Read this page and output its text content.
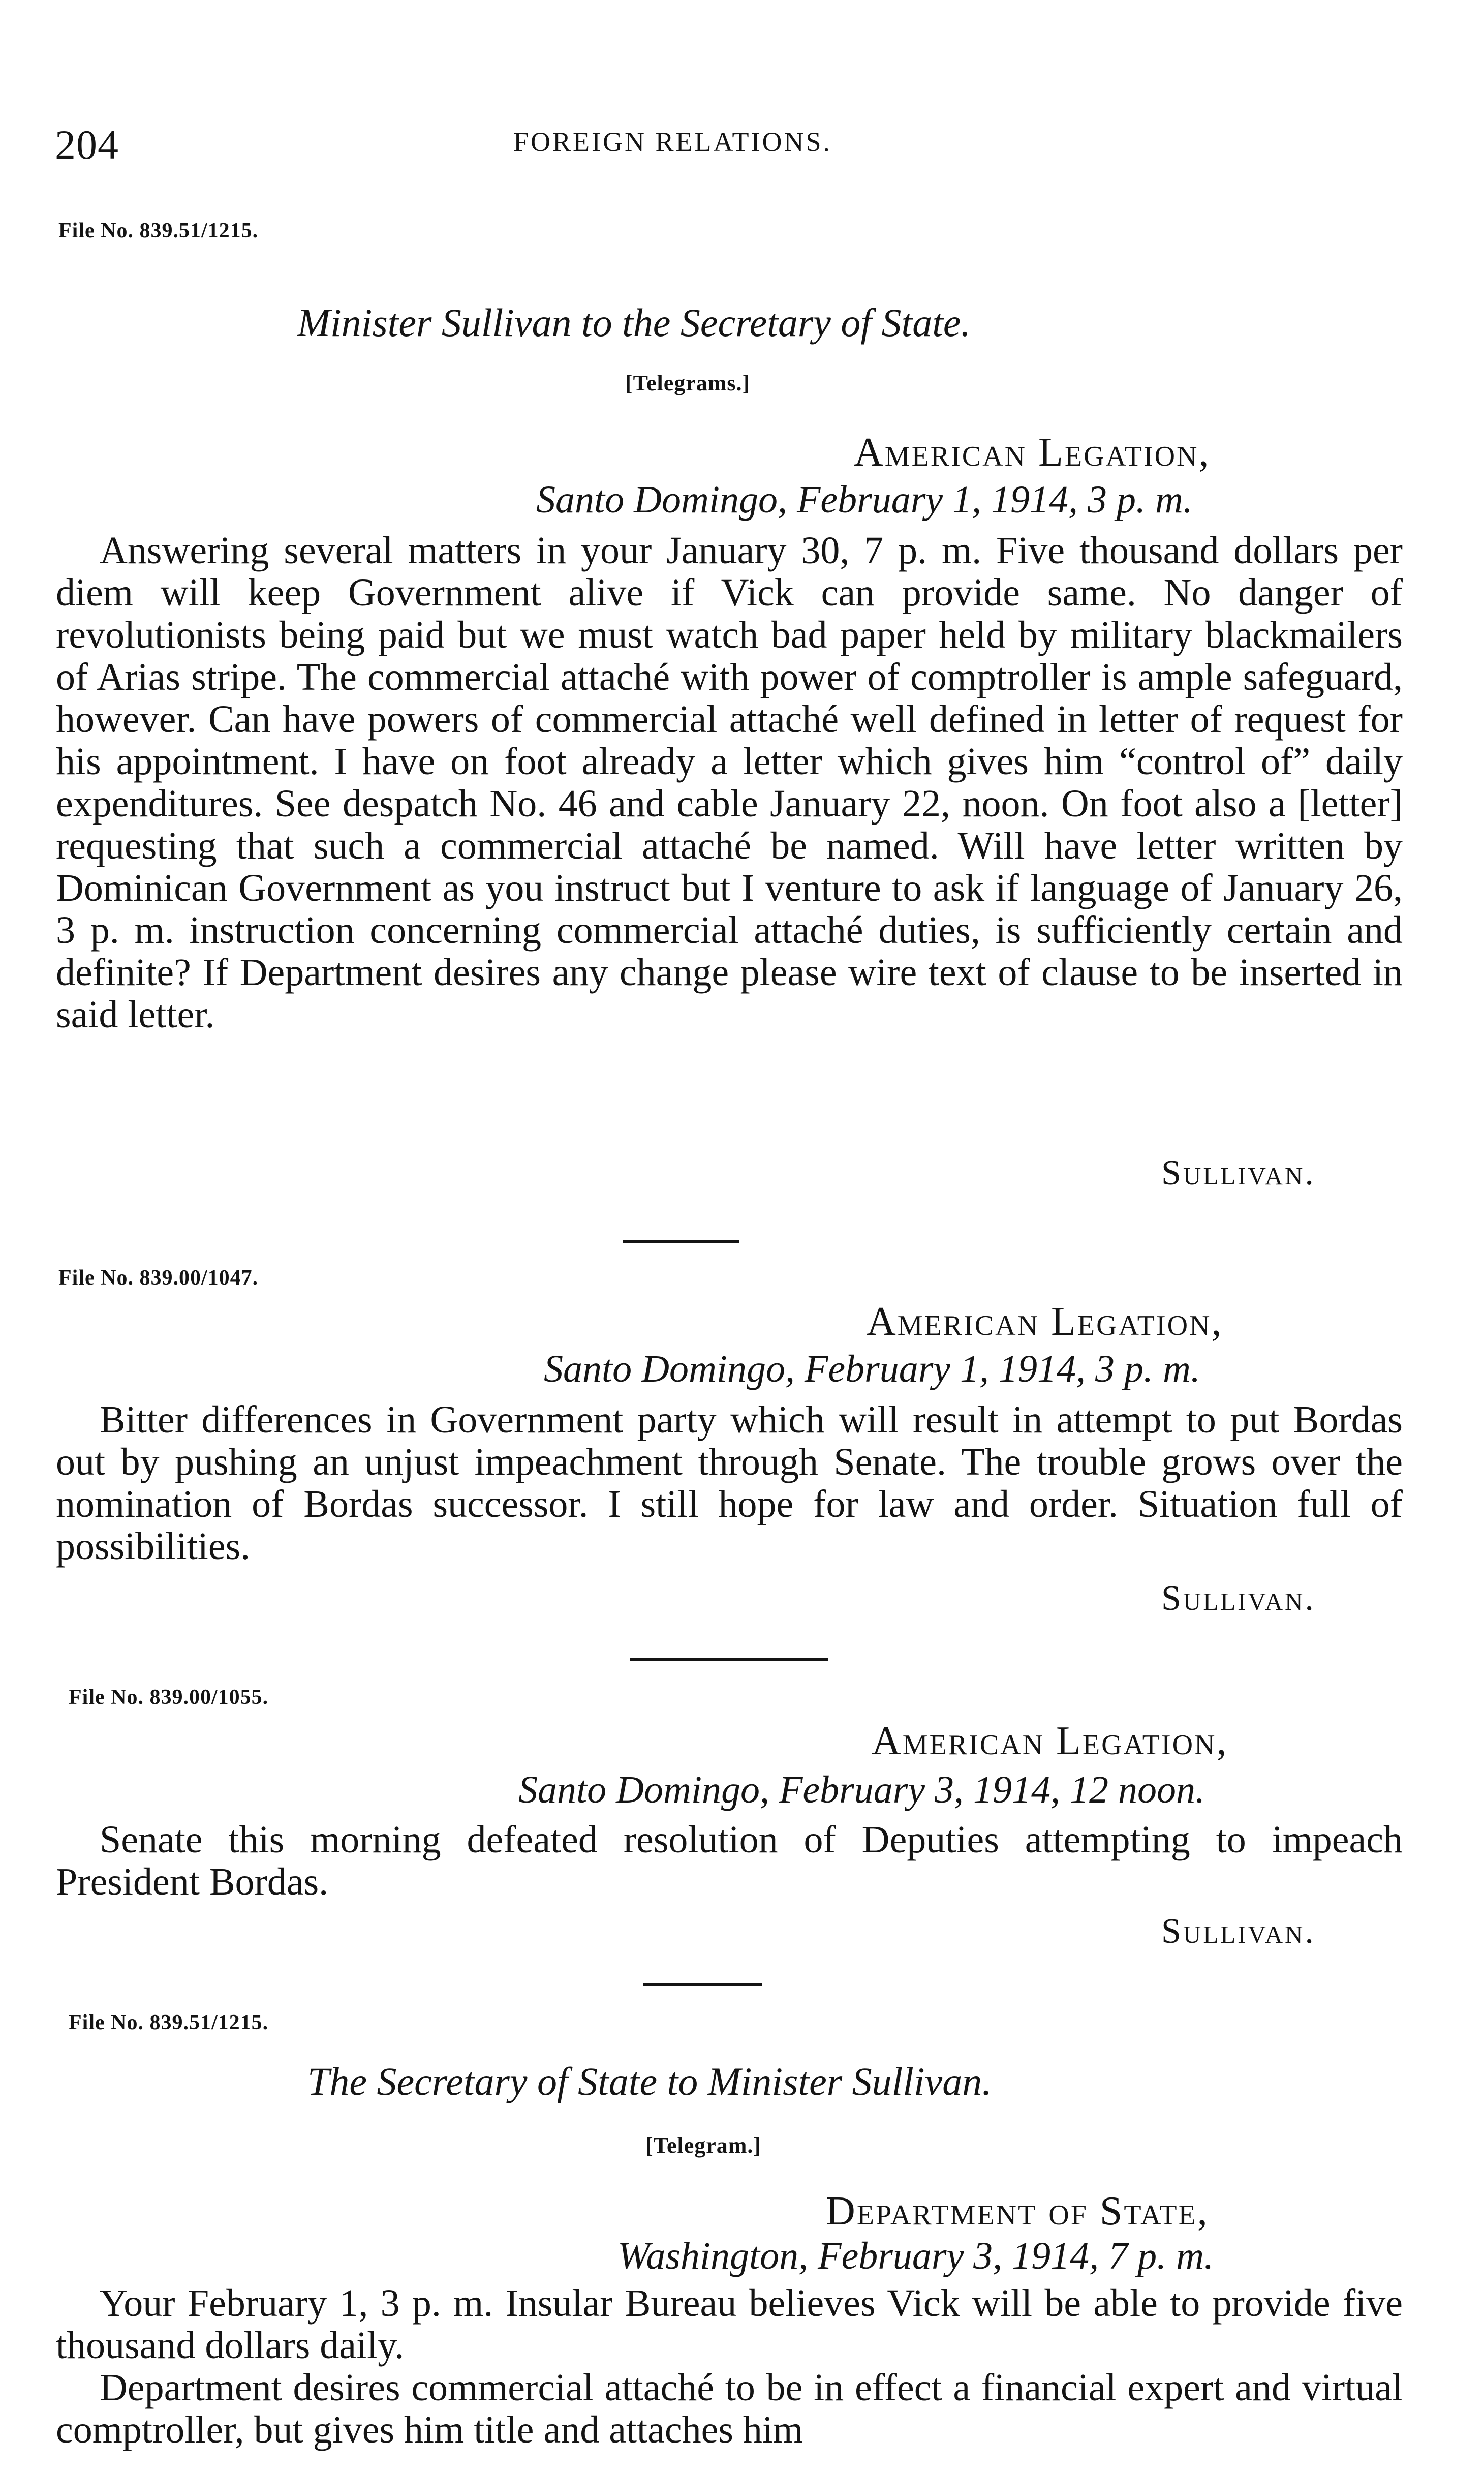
204	FOREIGN RELATIONS.
File No. 839.51/1215.
Minister Sullivan to the Secretary of State.
[Telegrams.]
American Legation,
Santo Domingo, February 1, 1914, 3 p. m.

Answering several matters in your January 30, 7 p. m. Five thousand dollars per diem will keep Government alive if Vick can provide same. No danger of revolutionists being paid but we must watch bad paper held by military blackmailers of Arias stripe. The commercial attaché with power of comptroller is ample safeguard, however. Can have powers of commercial attaché well defined in letter of request for his appointment. I have on foot already a letter which gives him “control of” daily expenditures. See despatch No. 46 and cable January 22, noon. On foot also a [letter] requesting that such a commercial attaché be named. Will have letter written by Dominican Government as you instruct but I venture to ask if language of January 26, 3 p. m. instruction concerning commercial attaché duties, is sufficiently certain and definite? If Department desires any change please wire text of clause to be inserted in said letter.

Sullivan.
File No. 839.00/1047.
American Legation,
Santo Domingo, February 1, 1914, 3 p. m.

Bitter differences in Government party which will result in attempt to put Bordas out by pushing an unjust impeachment through Senate. The trouble grows over the nomination of Bordas successor. I still hope for law and order. Situation full of possibilities.

Sullivan.
File No. 839.00/1055.
American Legation,
Santo Domingo, February 3, 1914, 12 noon.

Senate this morning defeated resolution of Deputies attempting to impeach President Bordas.

Sullivan.
File No. 839.51/1215.
The Secretary of State to Minister Sullivan.
[Telegram.]
Department of State,
Washington, February 3, 1914, 7 p. m.

Your February 1, 3 p. m. Insular Bureau believes Vick will be able to provide five thousand dollars daily.

Department desires commercial attaché to be in effect a financial expert and virtual comptroller, but gives him title and attaches him
